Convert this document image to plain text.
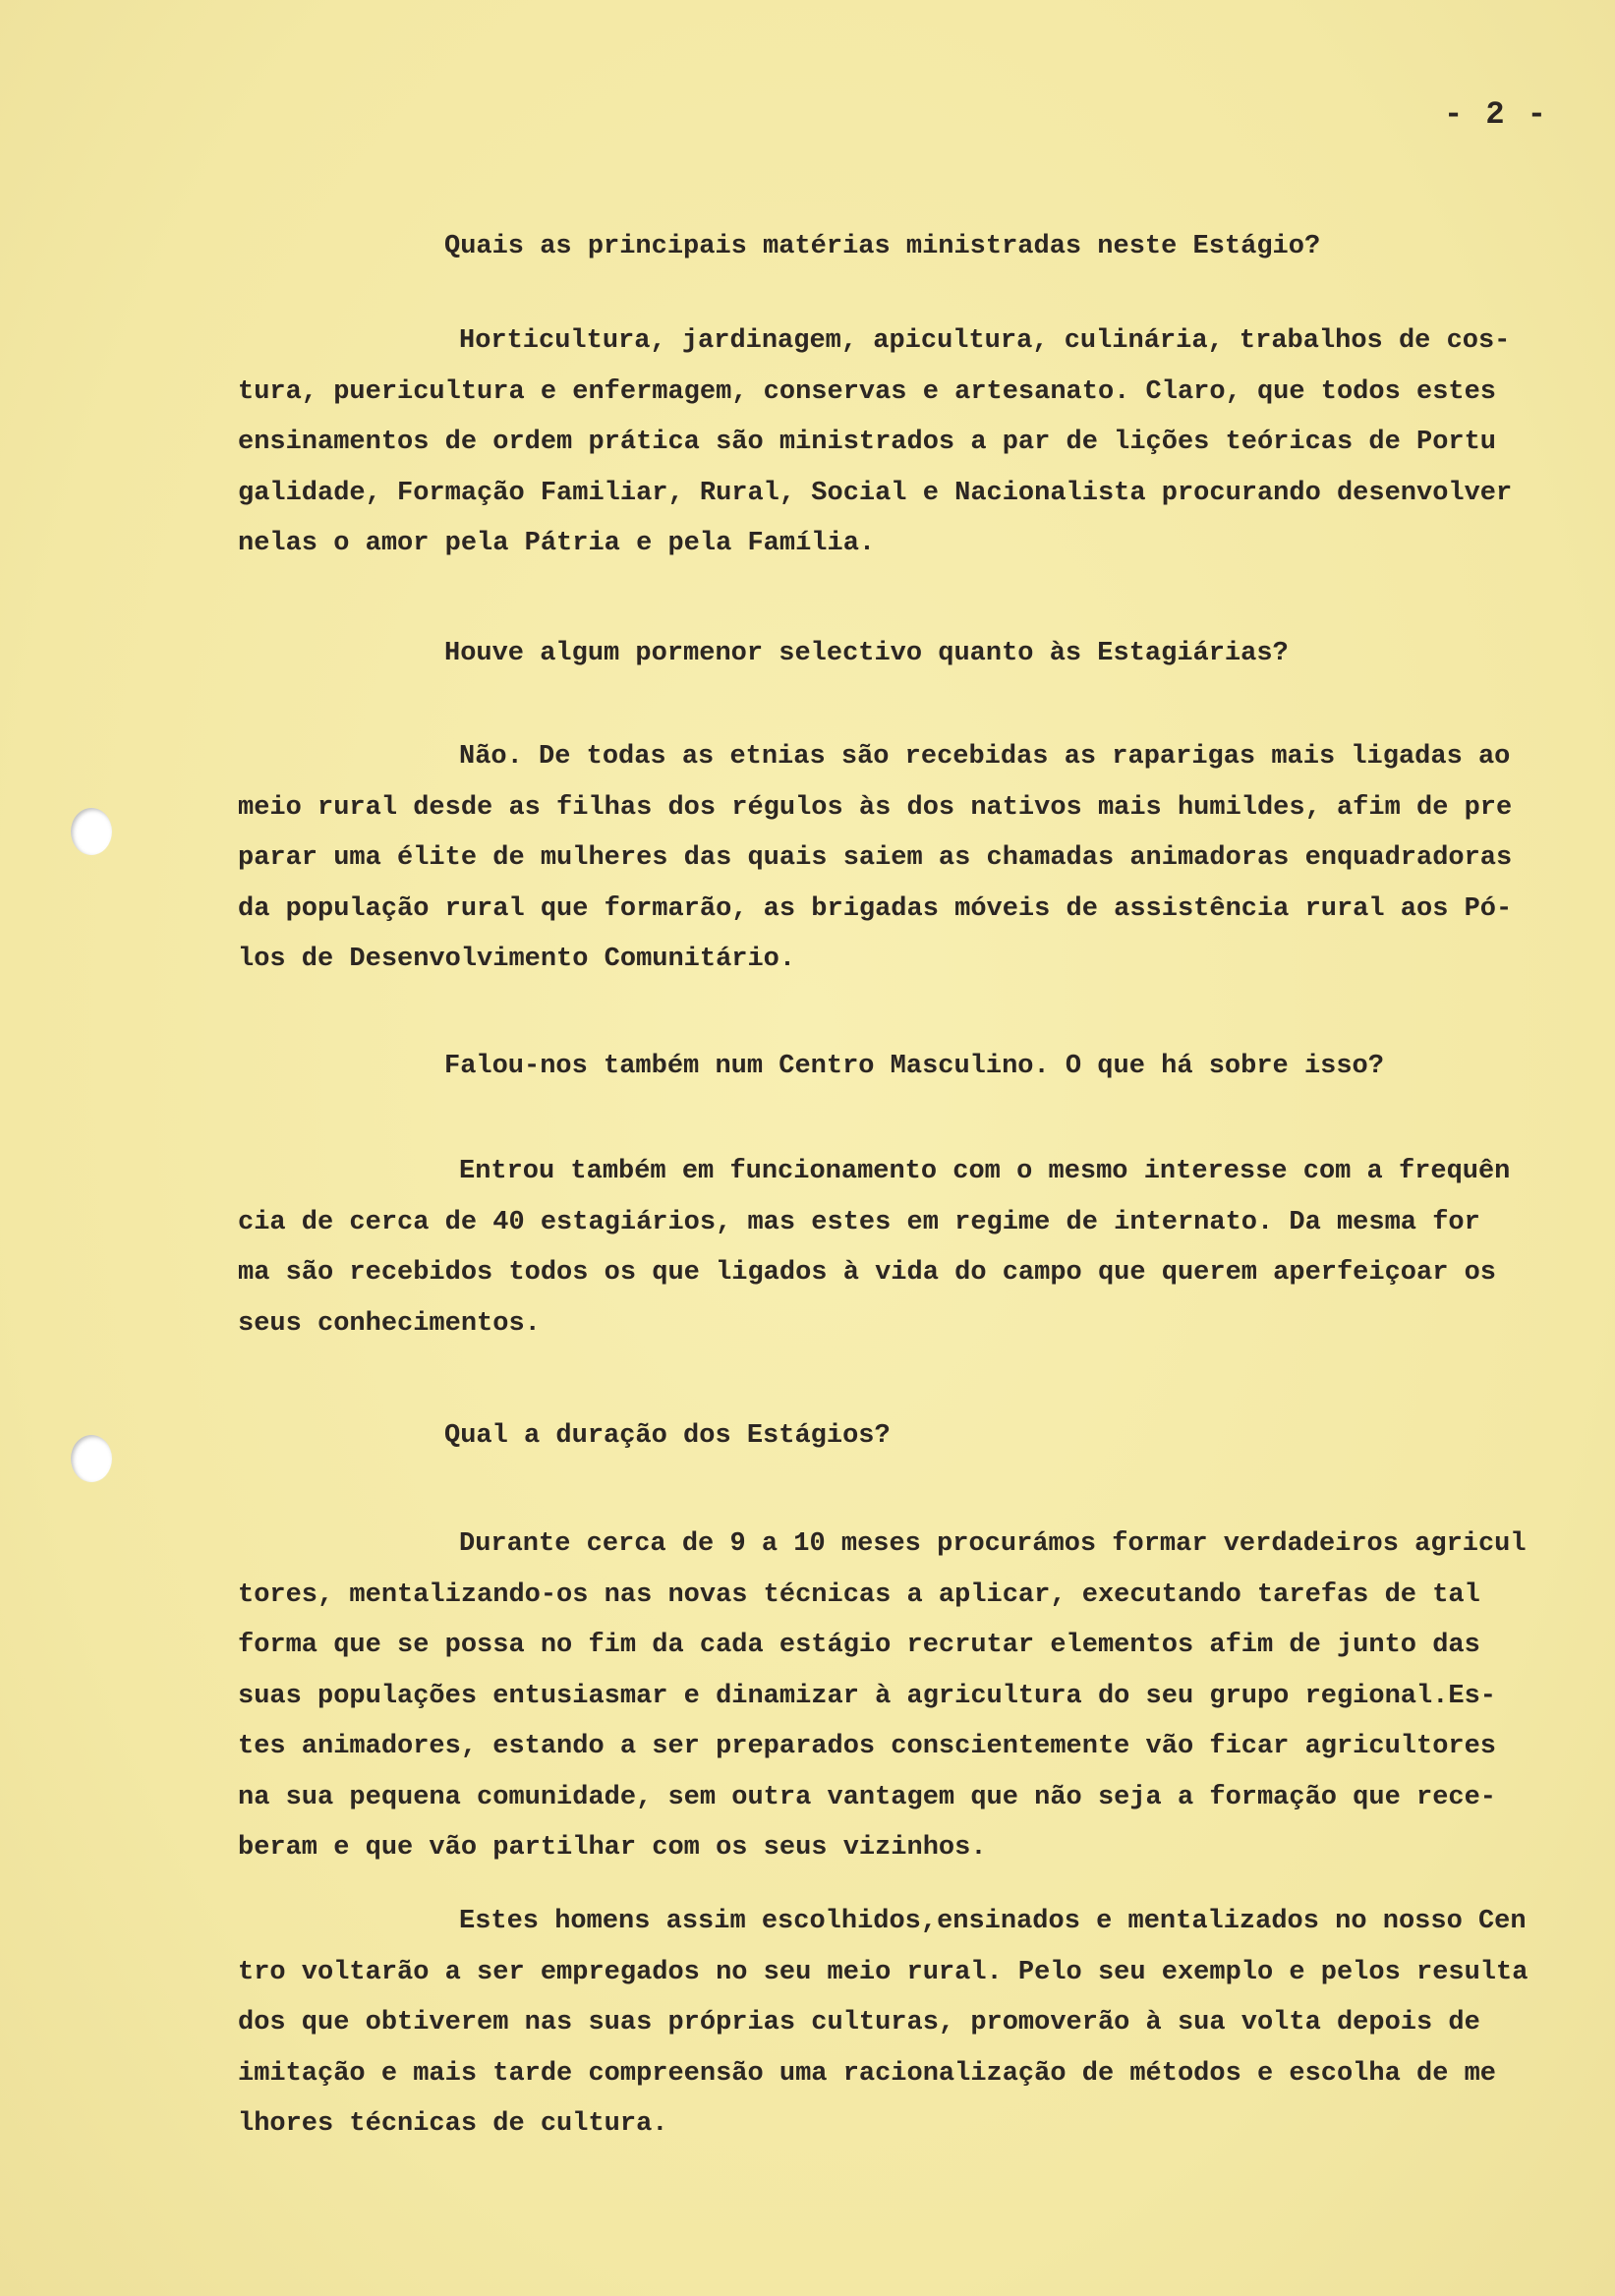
- 2 -
Quais as principais matérias ministradas neste Estágio?
Horticultura, jardinagem, apicultura, culinária, trabalhos de cos-
tura, puericultura e enfermagem, conservas e artesanato. Claro, que todos estes
ensinamentos de ordem prática são ministrados a par de lições teóricas de Portu
galidade, Formação Familiar, Rural, Social e Nacionalista procurando desenvolver
nelas o amor pela Pátria e pela Família.
Houve algum pormenor selectivo quanto às Estagiárias?
Não. De todas as etnias são recebidas as raparigas mais ligadas ao
meio rural desde as filhas dos régulos às dos nativos mais humildes, afim de pre
parar uma élite de mulheres das quais saiem as chamadas animadoras enquadradoras
da população rural que formarão, as brigadas móveis de assistência rural aos Pó-
los de Desenvolvimento Comunitário.
Falou-nos também num Centro Masculino. O que há sobre isso?
Entrou também em funcionamento com o mesmo interesse com a frequên
cia de cerca de 40 estagiários, mas estes em regime de internato. Da mesma for
ma são recebidos todos os que ligados à vida do campo que querem aperfeiçoar os
seus conhecimentos.
Qual a duração dos Estágios?
Durante cerca de 9 a 10 meses procurámos formar verdadeiros agricul
tores, mentalizando-os nas novas técnicas a aplicar, executando tarefas de tal
forma que se possa no fim da cada estágio recrutar elementos afim de junto das
suas populações entusiasmar e dinamizar à agricultura do seu grupo regional.Es-
tes animadores, estando a ser preparados conscientemente vão ficar agricultores
na sua pequena comunidade, sem outra vantagem que não seja a formação que rece-
beram e que vão partilhar com os seus vizinhos.
Estes homens assim escolhidos,ensinados e mentalizados no nosso Cen
tro voltarão a ser empregados no seu meio rural. Pelo seu exemplo e pelos resulta
dos que obtiverem nas suas próprias culturas, promoverão à sua volta depois de
imitação e mais tarde compreensão uma racionalização de métodos e escolha de me
lhores técnicas de cultura.
